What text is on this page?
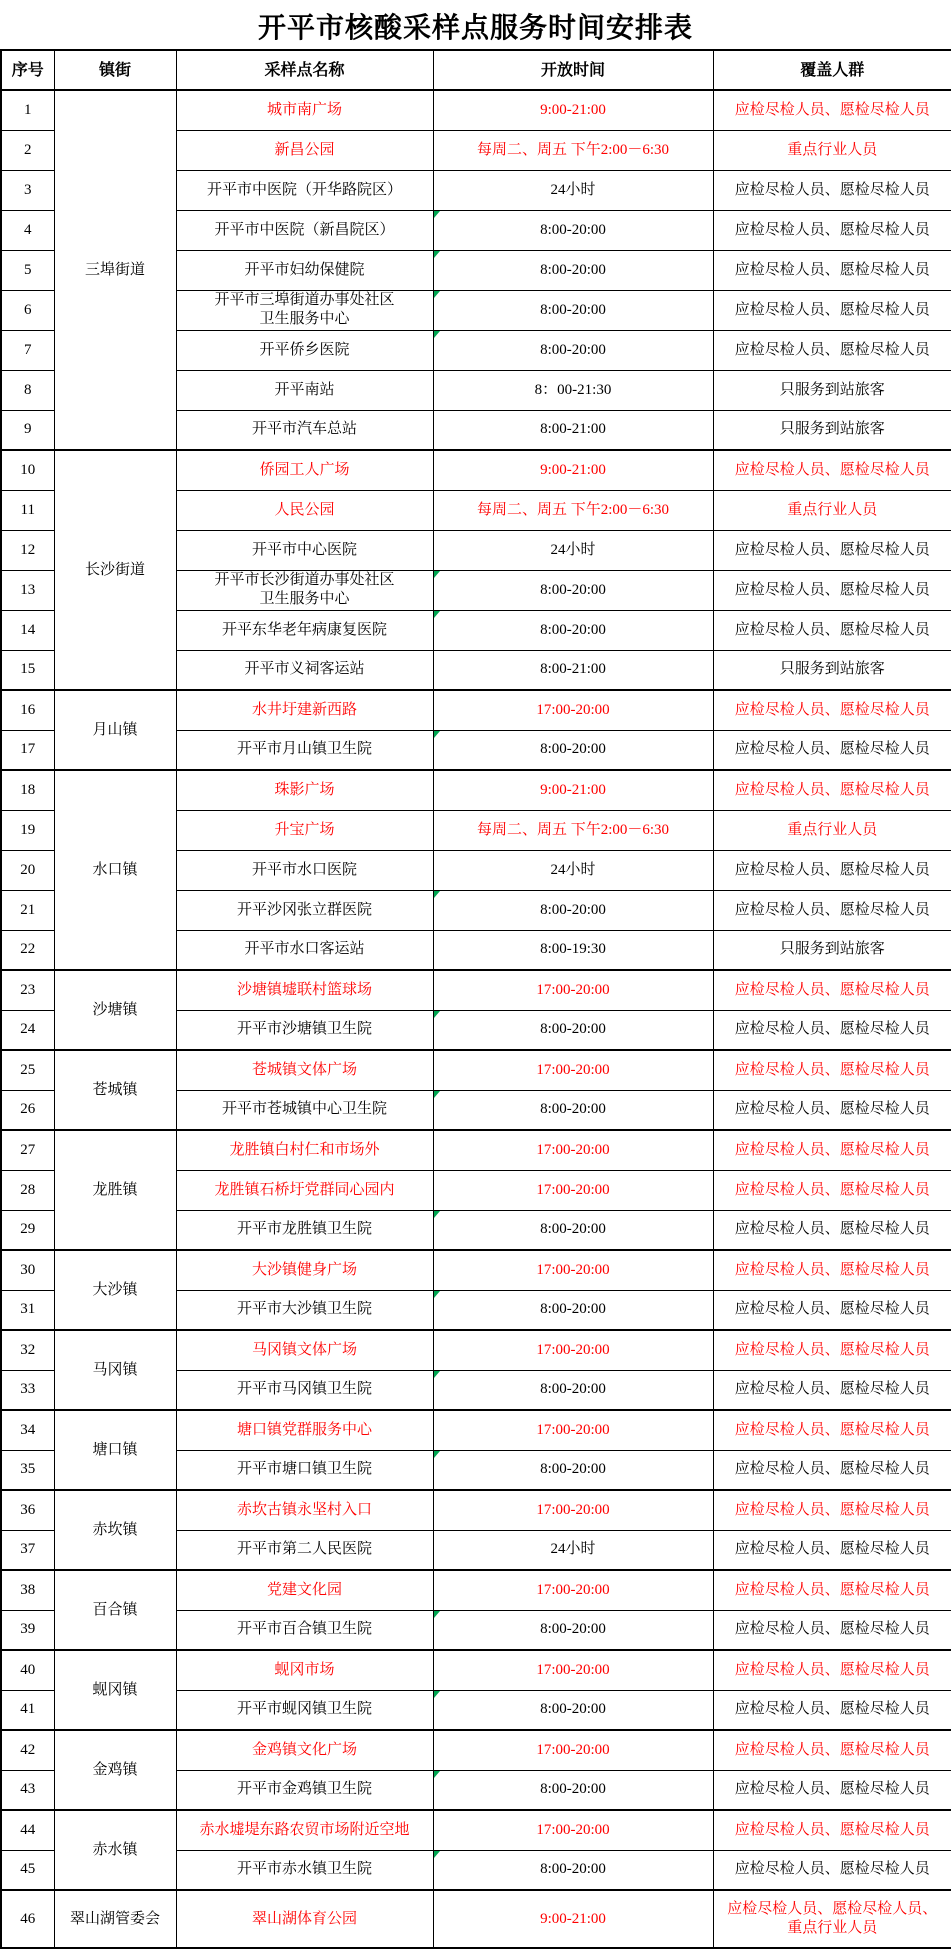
开平市核酸采样点服务时间安排表
序号	镇街	采样点名称	开放时间	覆盖人群
1	三埠街道	城市南广场	9:00-21:00	应检尽检人员、愿检尽检人员
2		新昌公园	每周二、周五 下午2:00－6:30	重点行业人员
3		开平市中医院（开华路院区）	24小时	应检尽检人员、愿检尽检人员
4		开平市中医院（新昌院区）	8:00-20:00	应检尽检人员、愿检尽检人员
5		开平市妇幼保健院	8:00-20:00	应检尽检人员、愿检尽检人员
6		开平市三埠街道办事处社区
卫生服务中心	8:00-20:00	应检尽检人员、愿检尽检人员
7		开平侨乡医院	8:00-20:00	应检尽检人员、愿检尽检人员
8		开平南站	8：00-21:30	只服务到站旅客
9		开平市汽车总站	8:00-21:00	只服务到站旅客
10	长沙街道	侨园工人广场	9:00-21:00	应检尽检人员、愿检尽检人员
11		人民公园	每周二、周五 下午2:00－6:30	重点行业人员
12		开平市中心医院	24小时	应检尽检人员、愿检尽检人员
13		开平市长沙街道办事处社区
卫生服务中心	8:00-20:00	应检尽检人员、愿检尽检人员
14		开平东华老年病康复医院	8:00-20:00	应检尽检人员、愿检尽检人员
15		开平市义祠客运站	8:00-21:00	只服务到站旅客
16	月山镇	水井圩建新西路	17:00-20:00	应检尽检人员、愿检尽检人员
17		开平市月山镇卫生院	8:00-20:00	应检尽检人员、愿检尽检人员
18	水口镇	珠影广场	9:00-21:00	应检尽检人员、愿检尽检人员
19		升宝广场	每周二、周五 下午2:00－6:30	重点行业人员
20		开平市水口医院	24小时	应检尽检人员、愿检尽检人员
21		开平沙冈张立群医院	8:00-20:00	应检尽检人员、愿检尽检人员
22		开平市水口客运站	8:00-19:30	只服务到站旅客
23	沙塘镇	沙塘镇墟联村篮球场	17:00-20:00	应检尽检人员、愿检尽检人员
24		开平市沙塘镇卫生院	8:00-20:00	应检尽检人员、愿检尽检人员
25	苍城镇	苍城镇文体广场	17:00-20:00	应检尽检人员、愿检尽检人员
26		开平市苍城镇中心卫生院	8:00-20:00	应检尽检人员、愿检尽检人员
27	龙胜镇	龙胜镇白村仁和市场外	17:00-20:00	应检尽检人员、愿检尽检人员
28		龙胜镇石桥圩党群同心园内	17:00-20:00	应检尽检人员、愿检尽检人员
29		开平市龙胜镇卫生院	8:00-20:00	应检尽检人员、愿检尽检人员
30	大沙镇	大沙镇健身广场	17:00-20:00	应检尽检人员、愿检尽检人员
31		开平市大沙镇卫生院	8:00-20:00	应检尽检人员、愿检尽检人员
32	马冈镇	马冈镇文体广场	17:00-20:00	应检尽检人员、愿检尽检人员
33		开平市马冈镇卫生院	8:00-20:00	应检尽检人员、愿检尽检人员
34	塘口镇	塘口镇党群服务中心	17:00-20:00	应检尽检人员、愿检尽检人员
35		开平市塘口镇卫生院	8:00-20:00	应检尽检人员、愿检尽检人员
36	赤坎镇	赤坎古镇永坚村入口	17:00-20:00	应检尽检人员、愿检尽检人员
37		开平市第二人民医院	24小时	应检尽检人员、愿检尽检人员
38	百合镇	党建文化园	17:00-20:00	应检尽检人员、愿检尽检人员
39		开平市百合镇卫生院	8:00-20:00	应检尽检人员、愿检尽检人员
40	蚬冈镇	蚬冈市场	17:00-20:00	应检尽检人员、愿检尽检人员
41		开平市蚬冈镇卫生院	8:00-20:00	应检尽检人员、愿检尽检人员
42	金鸡镇	金鸡镇文化广场	17:00-20:00	应检尽检人员、愿检尽检人员
43		开平市金鸡镇卫生院	8:00-20:00	应检尽检人员、愿检尽检人员
44	赤水镇	赤水墟堤东路农贸市场附近空地	17:00-20:00	应检尽检人员、愿检尽检人员
45		开平市赤水镇卫生院	8:00-20:00	应检尽检人员、愿检尽检人员
46	翠山湖管委会	翠山湖体育公园	9:00-21:00	应检尽检人员、愿检尽检人员、
重点行业人员
